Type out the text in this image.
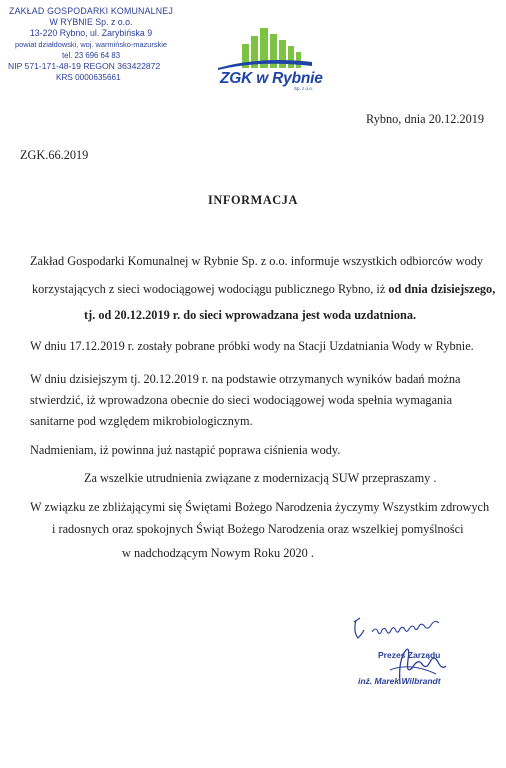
ZAKŁAD GOSPODARKI KOMUNALNEJ
W RYBNIE Sp. z o.o.
13-220 Rybno, ul. Zarybińska 9
powiat działdowski, woj. warmińsko-mazurskie
tel. 23 696 64 83
NIP 571-171-48-19 REGON 363422872
KRS 0000635661	ZGK w Rybnie
Sp. z o.o.
Rybno, dnia 20.12.2019
ZGK.66.2019
INFORMACJA
Zakład Gospodarki Komunalnej w Rybnie Sp. z o.o. informuje wszystkich odbiorców wody
korzystających z sieci wodociągowej wodociągu publicznego Rybno, iż od dnia dzisiejszego,
tj. od 20.12.2019 r. do sieci wprowadzana jest woda uzdatniona.
W dniu 17.12.2019 r. zostały pobrane próbki wody na Stacji Uzdatniania Wody w Rybnie.
W dniu dzisiejszym tj. 20.12.2019 r. na podstawie otrzymanych wyników badań można
stwierdzić, iż wprowadzona obecnie do sieci wodociągowej woda spełnia wymagania
sanitarne pod względem mikrobiologicznym.
Nadmieniam, iż powinna już nastąpić poprawa ciśnienia wody.
Za wszelkie utrudnienia związane z modernizacją SUW przepraszamy .
W związku ze zbliżającymi się Świętami Bożego Narodzenia życzymy Wszystkim zdrowych
i radosnych oraz spokojnych Świąt Bożego Narodzenia oraz wszelkiej pomyślności
w nadchodzącym Nowym Roku 2020 .
Prezes Zarządu
inż. Marek Wilbrandt
